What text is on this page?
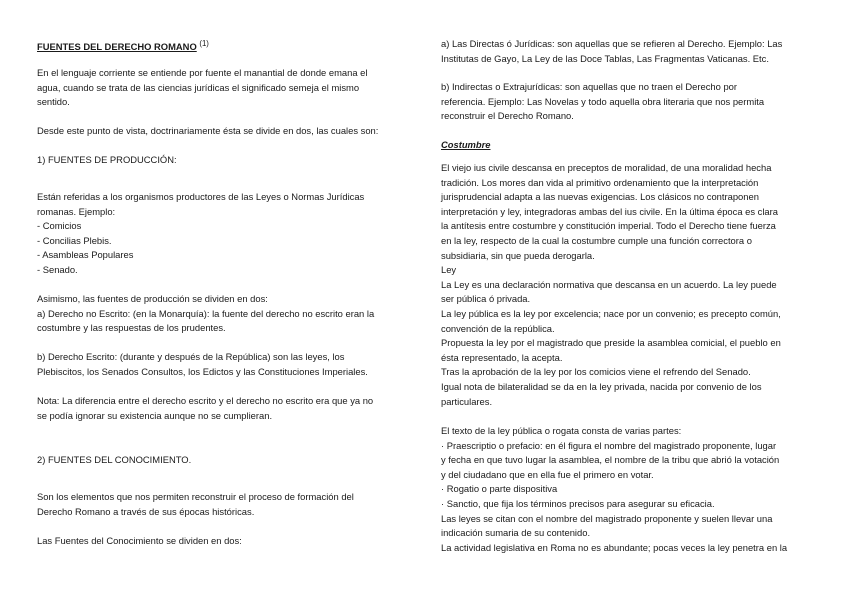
FUENTES DEL DERECHO ROMANO $^{(1)}$
En el lenguaje corriente se entiende por fuente el manantial de donde emana el
agua, cuando se trata de las ciencias jurídicas el significado semeja el mismo
sentido.
Desde este punto de vista, doctrinariamente ésta se divide en dos, las cuales son:
1) FUENTES DE PRODUCCIÓN:
Están referidas a los organismos productores de las Leyes o Normas Jurídicas
romanas. Ejemplo:
- Comicios
- Concilias Plebis.
- Asambleas Populares
- Senado.
Asimismo, las fuentes de producción se dividen en dos:
a) Derecho no Escrito: (en la Monarquía): la fuente del derecho no escrito eran la
costumbre y las respuestas de los prudentes.
b) Derecho Escrito: (durante y después de la República) son las leyes, los
Plebiscitos, los Senados Consultos, los Edictos y las Constituciones Imperiales.
Nota: La diferencia entre el derecho escrito y el derecho no escrito era que ya no
se podía ignorar su existencia aunque no se cumplieran.
2) FUENTES DEL CONOCIMIENTO.
Son los elementos que nos permiten reconstruir el proceso de formación del
Derecho Romano a través de sus épocas históricas.
Las Fuentes del Conocimiento se dividen en dos:
a) Las Directas ó Jurídicas: son aquellas que se refieren al Derecho. Ejemplo: Las
Institutas de Gayo, La Ley de las Doce Tablas, Las Fragmentas Vaticanas. Etc.
b) Indirectas o Extrajurídicas: son aquellas que no traen el Derecho por
referencia. Ejemplo: Las Novelas y todo aquella obra literaria que nos permita
reconstruir el Derecho Romano.
Costumbre
El viejo ius civile descansa en preceptos de moralidad, de una moralidad hecha
tradición. Los mores dan vida al primitivo ordenamiento que la interpretación
jurisprudencial adapta a las nuevas exigencias. Los clásicos no contraponen
interpretación y ley, integradoras ambas del ius civile. En la última época es clara
la antítesis entre costumbre y constitución imperial. Todo el Derecho tiene fuerza
en la ley, respecto de la cual la costumbre cumple una función correctora o
subsidiaria, sin que pueda derogarla.
Ley
La Ley es una declaración normativa que descansa en un acuerdo. La ley puede
ser pública ó privada.
La ley pública es la ley por excelencia; nace por un convenio; es precepto común,
convención de la república.
Propuesta la ley por el magistrado que preside la asamblea comicial, el pueblo en
ésta representado, la acepta.
Tras la aprobación de la ley por los comicios viene el refrendo del Senado.
Igual nota de bilateralidad se da en la ley privada, nacida por convenio de los
particulares.
El texto de la ley pública o rogata consta de varias partes:
· Praescriptio o prefacio: en él figura el nombre del magistrado proponente, lugar
y fecha en que tuvo lugar la asamblea, el nombre de la tribu que abrió la votación
y del ciudadano que en ella fue el primero en votar.
· Rogatio o parte dispositiva
· Sanctio, que fija los términos precisos para asegurar su eficacia.
Las leyes se citan con el nombre del magistrado proponente y suelen llevar una
indicación sumaria de su contenido.
La actividad legislativa en Roma no es abundante; pocas veces la ley penetra en la
